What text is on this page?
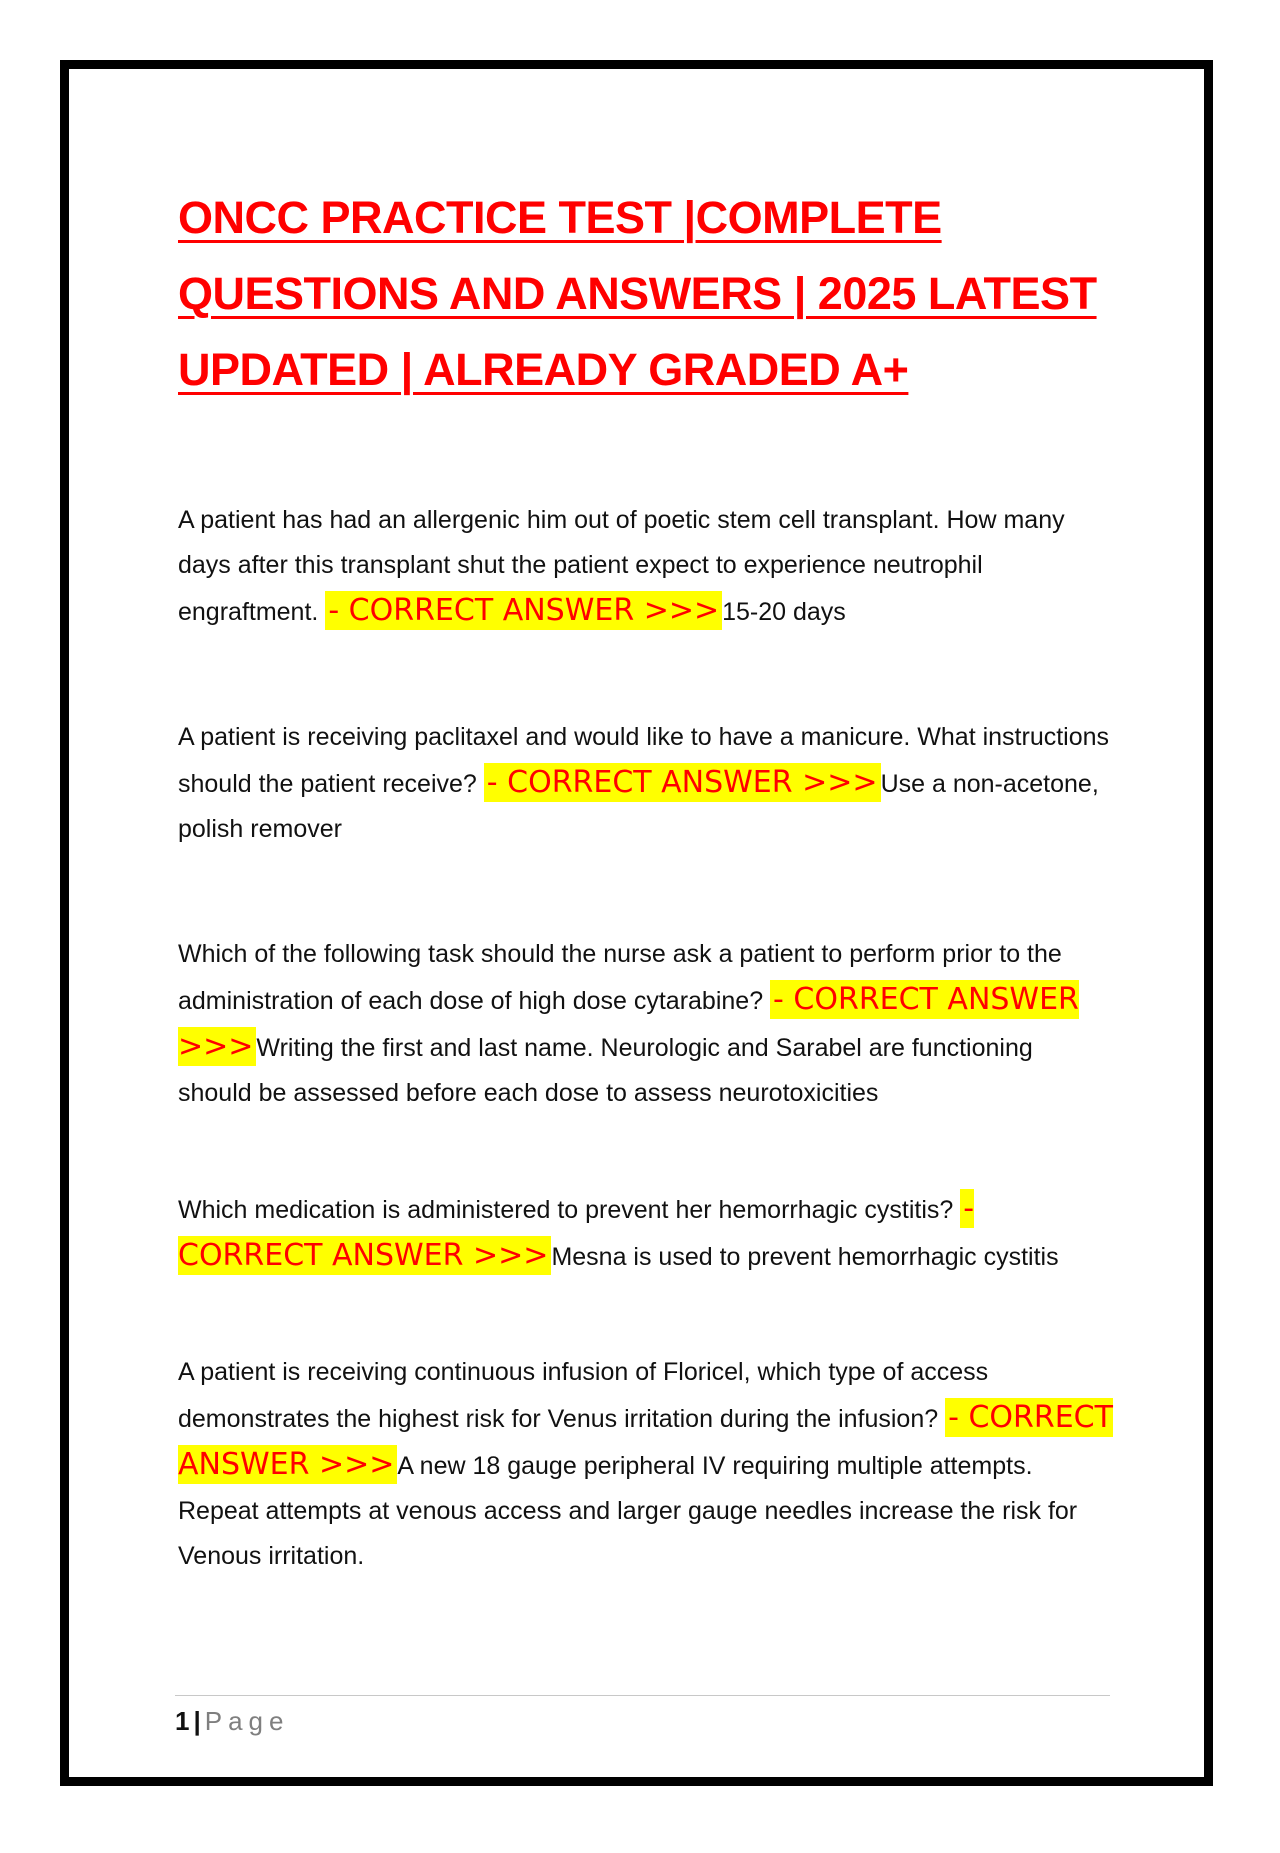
ONCC PRACTICE TEST |COMPLETE QUESTIONS AND ANSWERS | 2025 LATEST UPDATED | ALREADY GRADED A+

A patient has had an allergenic him out of poetic stem cell transplant. How many days after this transplant shut the patient expect to experience neutrophil engraftment. - CORRECT ANSWER >>> 15-20 days

A patient is receiving paclitaxel and would like to have a manicure. What instructions should the patient receive? - CORRECT ANSWER >>> Use a non-acetone, polish remover

Which of the following task should the nurse ask a patient to perform prior to the administration of each dose of high dose cytarabine? - CORRECT ANSWER >>> Writing the first and last name. Neurologic and Sarabel are functioning should be assessed before each dose to assess neurotoxicities

Which medication is administered to prevent her hemorrhagic cystitis? - CORRECT ANSWER >>> Mesna is used to prevent hemorrhagic cystitis

A patient is receiving continuous infusion of Floricel, which type of access demonstrates the highest risk for Venus irritation during the infusion? - CORRECT ANSWER >>> A new 18 gauge peripheral IV requiring multiple attempts. Repeat attempts at venous access and larger gauge needles increase the risk for Venous irritation.

1 | Page
